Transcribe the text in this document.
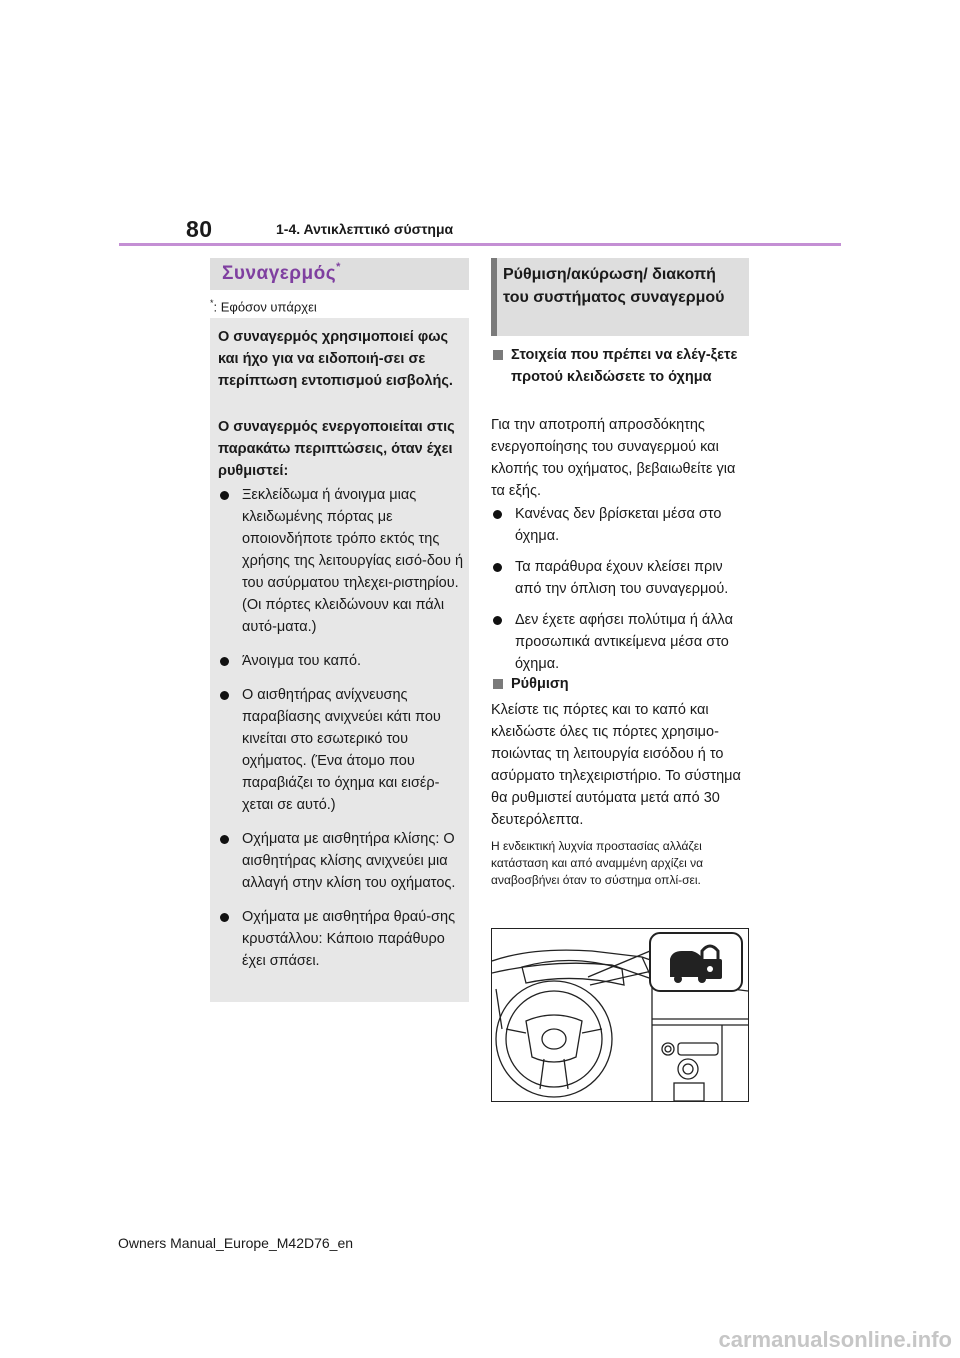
80	1-4. Αντικλεπτικό σύστημα
Συναγερμός*
*: Εφόσον υπάρχει
Ο συναγερμός χρησιμοποιεί φως και ήχο για να ειδοποιή-σει σε περίπτωση εντοπισμού εισβολής.
Ο συναγερμός ενεργοποιείται στις παρακάτω περιπτώσεις, όταν έχει ρυθμιστεί:
Ξεκλείδωμα ή άνοιγμα μιας κλειδωμένης πόρτας με οποιονδήποτε τρόπο εκτός της χρήσης της λειτουργίας εισό-δου ή του ασύρματου τηλεχει-ριστηρίου. (Οι πόρτες κλειδώνουν και πάλι αυτό-ματα.)
Άνοιγμα του καπό.
Ο αισθητήρας ανίχνευσης παραβίασης ανιχνεύει κάτι που κινείται στο εσωτερικό του οχήματος. (Ένα άτομο που παραβιάζει το όχημα και εισέρ-χεται σε αυτό.)
Οχήματα με αισθητήρα κλίσης: Ο αισθητήρας κλίσης ανιχνεύει μια αλλαγή στην κλίση του οχήματος.
Οχήματα με αισθητήρα θραύ-σης κρυστάλλου: Κάποιο παράθυρο έχει σπάσει.
Ρύθμιση/ακύρωση/ διακοπή του συστήματος συναγερμού
Στοιχεία που πρέπει να ελέγ-ξετε προτού κλειδώσετε το όχημα
Για την αποτροπή απροσδόκητης ενεργοποίησης του συναγερμού και κλοπής του οχήματος, βεβαιωθείτε για τα εξής.
Κανένας δεν βρίσκεται μέσα στο όχημα.
Τα παράθυρα έχουν κλείσει πριν από την όπλιση του συναγερμού.
Δεν έχετε αφήσει πολύτιμα ή άλλα προσωπικά αντικείμενα μέσα στο όχημα.
Ρύθμιση
Κλείστε τις πόρτες και το καπό και κλειδώστε όλες τις πόρτες χρησιμο-ποιώντας τη λειτουργία εισόδου ή το ασύρματο τηλεχειριστήριο. Το σύστημα θα ρυθμιστεί αυτόματα μετά από 30 δευτερόλεπτα.
Η ενδεικτική λυχνία προστασίας αλλάζει κατάσταση και από αναμμένη αρχίζει να αναβοσβήνει όταν το σύστημα οπλί-σει.
Owners Manual_Europe_M42D76_en
carmanualsonline.info
